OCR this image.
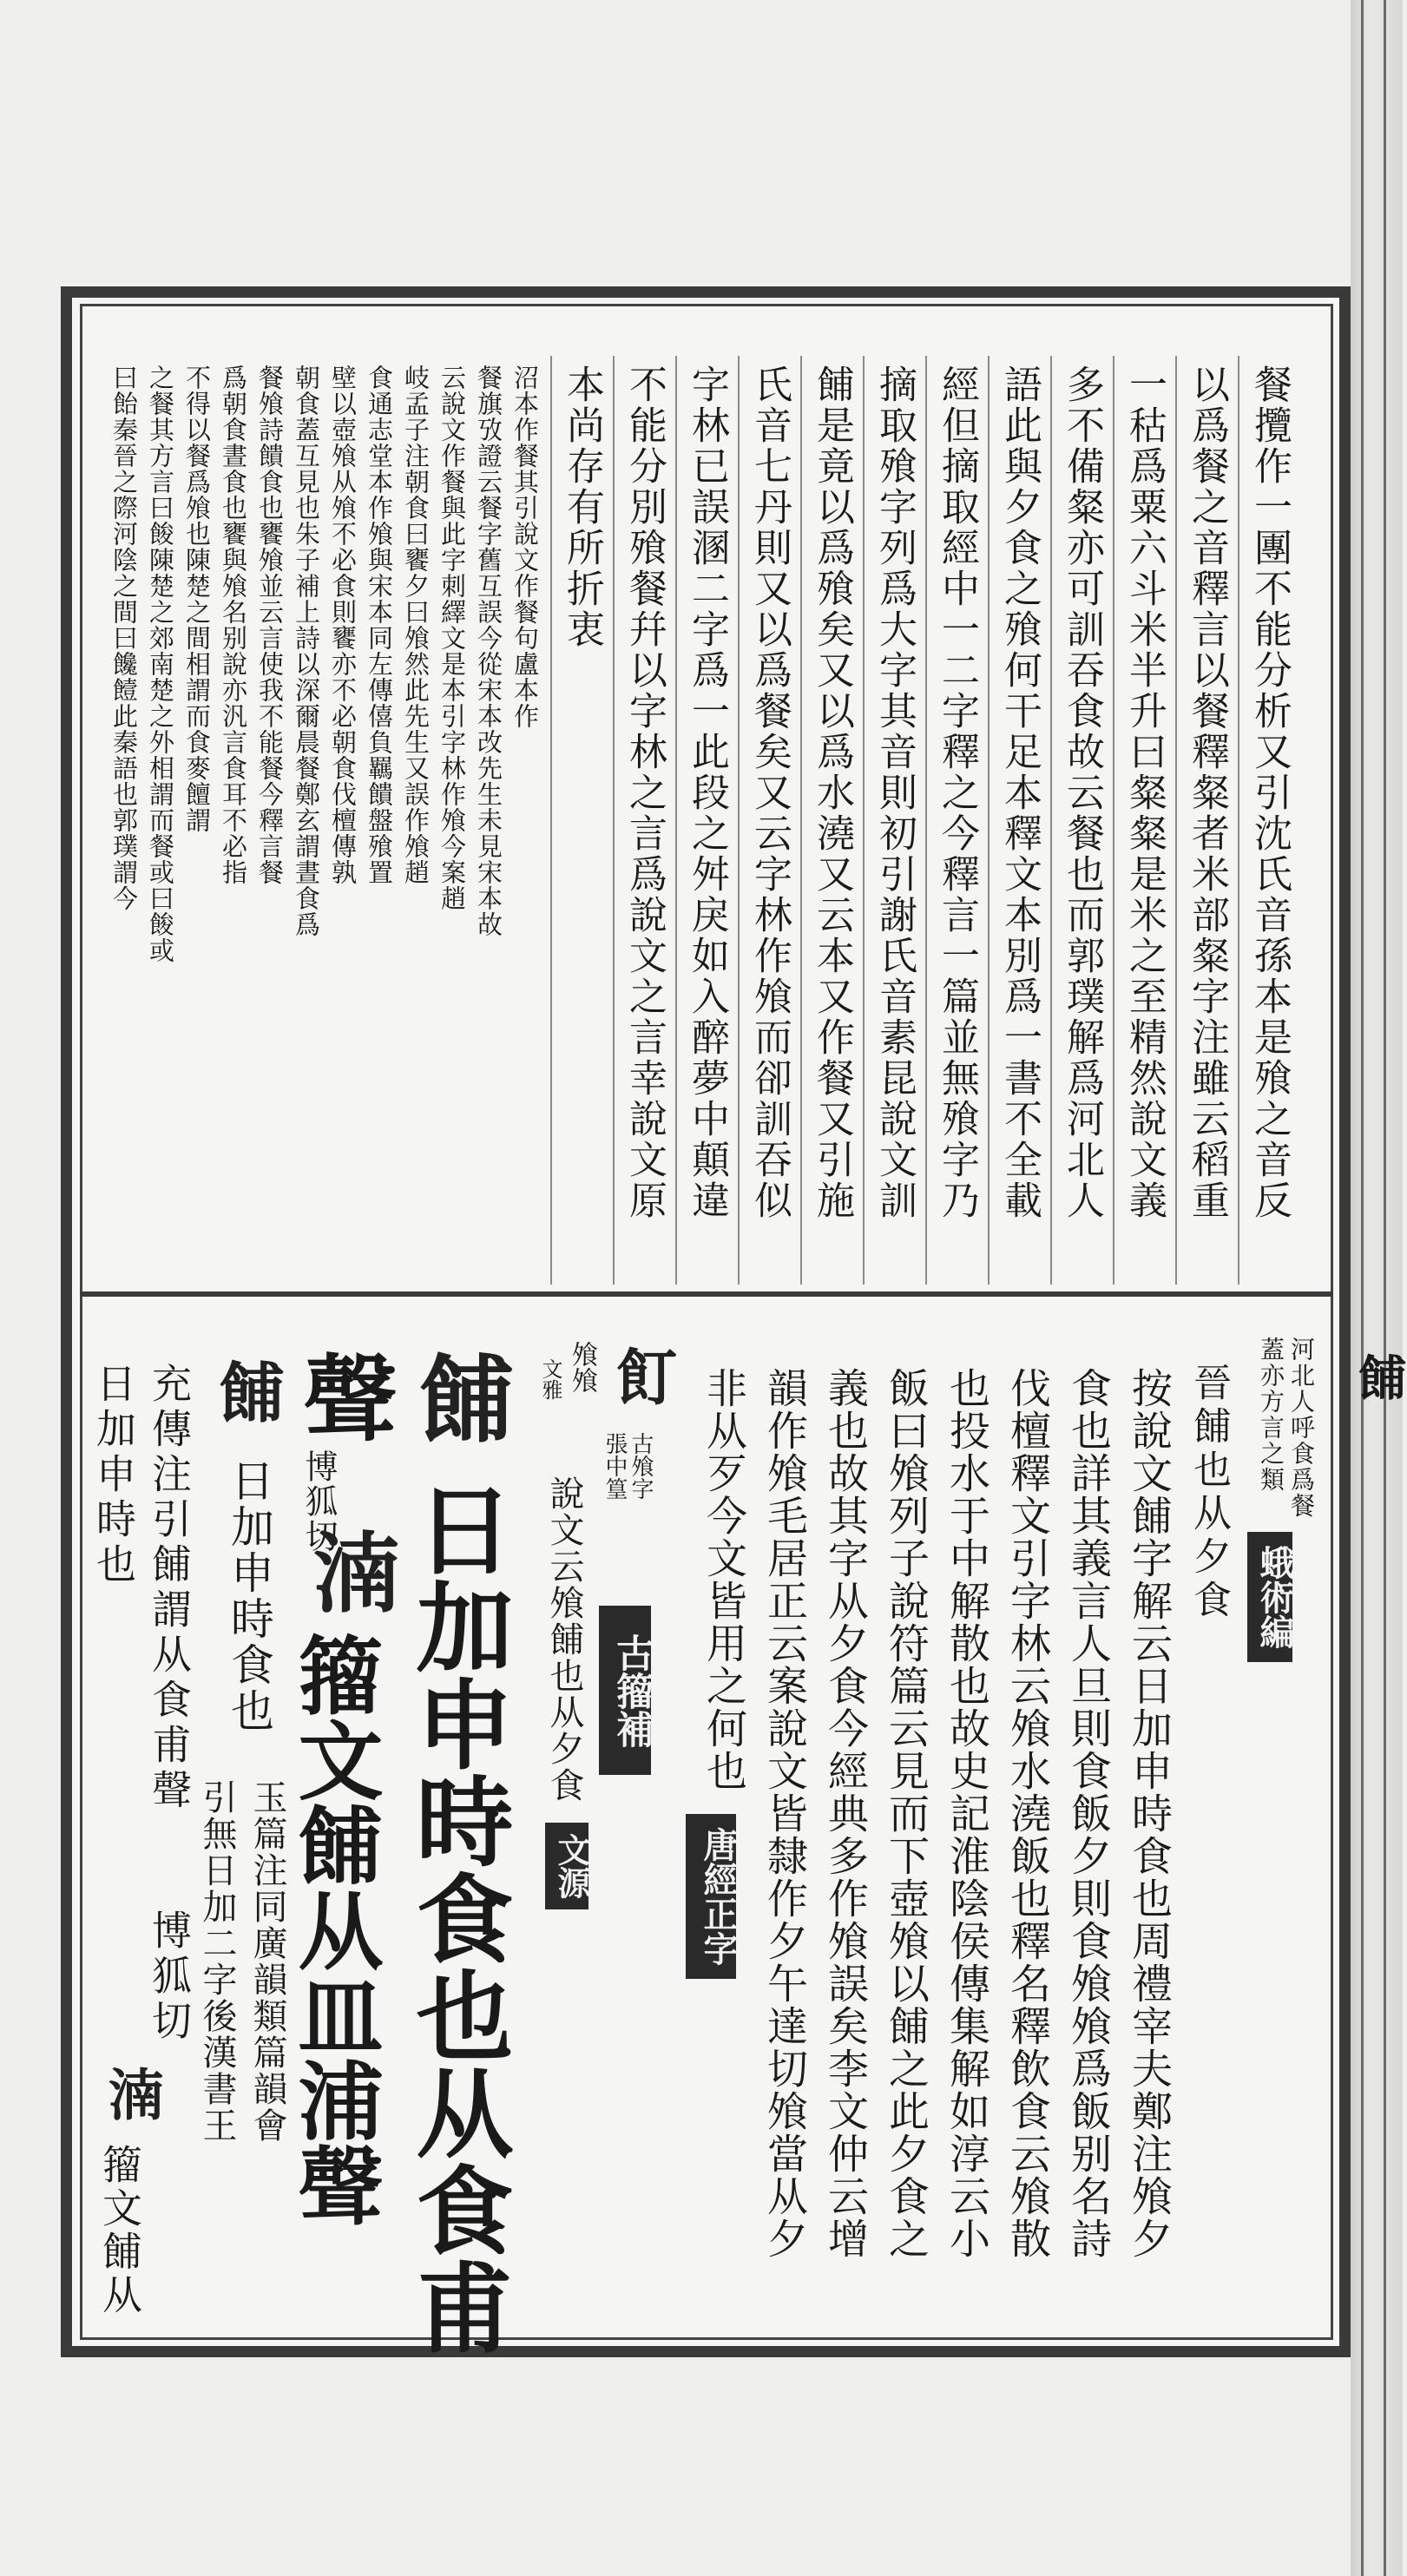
餔
餐攬作一團不能分析又引沈氏音孫本是飱之音反
以爲餐之音釋言以餐釋粲者米部粲字注雖云稻重
一秙爲粟六斗米半升曰粲粲是米之至精然說文義
多不備粲亦可訓吞食故云餐也而郭璞解爲河北人
語此與夕食之飱何干足本釋文本別爲一書不全載
經但摘取經中一二字釋之今釋言一篇並無飱字乃
摘取飱字列爲大字其音則初引謝氏音素昆說文訓
餔是竟以爲飱矣又以爲水澆又云本又作餐又引施
氏音七丹則又以爲餐矣又云字林作飧而卻訓吞似
字林已誤溷二字爲一此段之舛戾如入醉夢中顛違
不能分別飱餐幷以字林之言爲說文之言幸說文原
本尚存有所折衷
沼本作餐其引說文作餐句盧本作
餐旗攷證云餐字舊互誤今從宋本改先生未見宋本故
云說文作餐與此字刺繹文是本引字林作飧今案趙
岐孟子注朝食曰饔夕曰飧然此先生又誤作飧趙
食通志堂本作飧與宋本同左傳僖負羈饋盤飱置
壁以壺飧从飧不必食則饔亦不必朝食伐檀傳孰
朝食蓋互見也朱子補上詩以深爾晨餐鄭玄謂晝食爲
餐飧詩饋食也饔飧並云言使我不能餐今釋言餐
爲朝食晝食也饔與飧名别說亦汎言食耳不必指
不得以餐爲飧也陳楚之間相謂而食麥饘謂
之餐其方言曰餕陳楚之郊南楚之外相謂而餐或曰餕或
曰飴秦晉之際河陰之間曰饞饐此秦語也郭璞謂今
河北人呼食爲餐
蓋亦方言之類
蛾術編
晉餔也从夕食
按說文餔字解云日加申時食也周禮宰夫鄭注飧夕
食也詳其義言人旦則食飯夕則食飧飧爲飯别名詩
伐檀釋文引字林云飧水澆飯也釋名釋飲食云飧散
也投水于中解散也故史記淮陰侯傳集解如淳云小
飯曰飧列子說符篇云見而下壺飧以餔之此夕食之
義也故其字从夕食今經典多作飧誤矣李文仲云增
韻作飧毛居正云案說文皆隸作夕午達切飧當从夕
非从歹今文皆用之何也
唐經正字
飣
古飧字
張中篁
飧飧
文雅
說文云飧餔也从夕食 古籀補
文源
餔
日加申時食也从食甫
聲
博狐切
湳
籀文餔从皿浦聲
餔
日加申時食也
玉篇注同廣韻類篇韻會
引無日加二字後漢書王
充傳注引餔謂从食甫聲
博狐切
湳
籀文餔从
日加申時也
